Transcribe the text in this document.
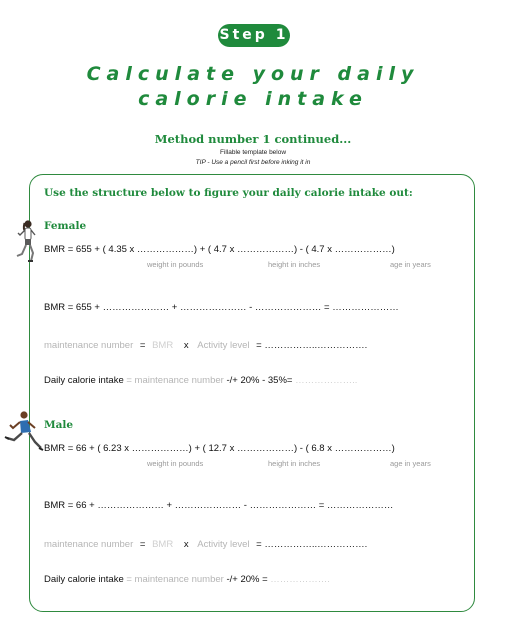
Step 1
Calculate your daily
calorie intake
Method number 1 continued...
Fillable template below
TIP - Use a pencil first before inking it in
Use the structure below to figure your daily calorie intake out:
Female
BMR = 655 + ( 4.35 x ………………) + ( 4.7 x ………………) - ( 4.7 x ………………)
weight in pounds	height in inches	age in years
BMR = 655 + ………………… + ………………… - ………………… = …………………
maintenance number = BMR x Activity level = ……………..…………….
Daily calorie intake = maintenance number -/+ 20% - 35%= ………………..
Male
BMR = 66 + ( 6.23 x ………………) + ( 12.7 x ………………) - ( 6.8 x ………………)
weight in pounds	height in inches	age in years
BMR = 66 + ………………… + ………………… - ………………… = …………………
maintenance number = BMR x Activity level = ……………..…………….
Daily calorie intake = maintenance number -/+ 20% = ……………….
